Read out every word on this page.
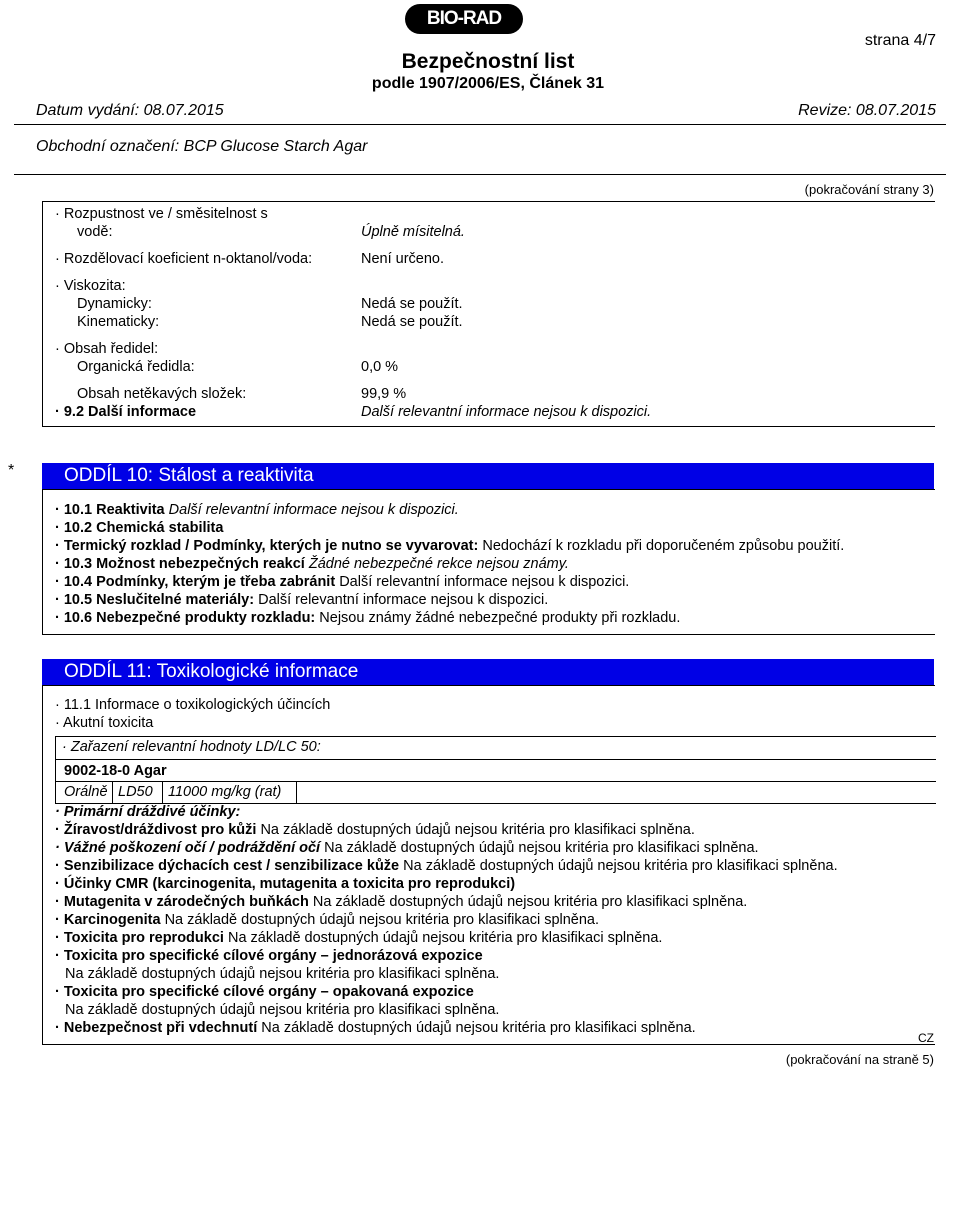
BIO-RAD
strana 4/7
Bezpečnostní list
podle 1907/2006/ES, Článek 31
Datum vydání: 08.07.2015	Revize: 08.07.2015
Obchodní označení: BCP Glucose Starch Agar
(pokračování strany 3)
· Rozpustnost ve / směsitelnost s
vodě:	Úplně mísitelná.
· Rozdělovací koeficient n-oktanol/voda:	Není určeno.
· Viskozita:
Dynamicky:	Nedá se použít.
Kinematicky:	Nedá se použít.
· Obsah ředidel:
Organická ředidla:	0,0 %
Obsah netěkavých složek:	99,9 %
· 9.2 Další informace	Další relevantní informace nejsou k dispozici.
*	ODDÍL 10: Stálost a reaktivita
· 10.1 Reaktivita Další relevantní informace nejsou k dispozici.
· 10.2 Chemická stabilita
· Termický rozklad / Podmínky, kterých je nutno se vyvarovat: Nedochází k rozkladu při doporučeném způsobu použití.
· 10.3 Možnost nebezpečných reakcí Žádné nebezpečné rekce nejsou známy.
· 10.4 Podmínky, kterým je třeba zabránit Další relevantní informace nejsou k dispozici.
· 10.5 Neslučitelné materiály: Další relevantní informace nejsou k dispozici.
· 10.6 Nebezpečné produkty rozkladu: Nejsou známy žádné nebezpečné produkty při rozkladu.
ODDÍL 11: Toxikologické informace
· 11.1 Informace o toxikologických účincích
· Akutní toxicita
· Zařazení relevantní hodnoty LD/LC 50:
9002-18-0 Agar
Orálně LD50 11000 mg/kg (rat)
· Primární dráždivé účinky:
· Žíravost/dráždivost pro kůži Na základě dostupných údajů nejsou kritéria pro klasifikaci splněna.
· Vážné poškození očí / podráždění očí Na základě dostupných údajů nejsou kritéria pro klasifikaci splněna.
· Senzibilizace dýchacích cest / senzibilizace kůže Na základě dostupných údajů nejsou kritéria pro klasifikaci splněna.
· Účinky CMR (karcinogenita, mutagenita a toxicita pro reprodukci)
· Mutagenita v zárodečných buňkách Na základě dostupných údajů nejsou kritéria pro klasifikaci splněna.
· Karcinogenita Na základě dostupných údajů nejsou kritéria pro klasifikaci splněna.
· Toxicita pro reprodukci Na základě dostupných údajů nejsou kritéria pro klasifikaci splněna.
· Toxicita pro specifické cílové orgány – jednorázová expozice
Na základě dostupných údajů nejsou kritéria pro klasifikaci splněna.
· Toxicita pro specifické cílové orgány – opakovaná expozice
Na základě dostupných údajů nejsou kritéria pro klasifikaci splněna.
· Nebezpečnost při vdechnutí Na základě dostupných údajů nejsou kritéria pro klasifikaci splněna.
CZ
(pokračování na straně 5)
